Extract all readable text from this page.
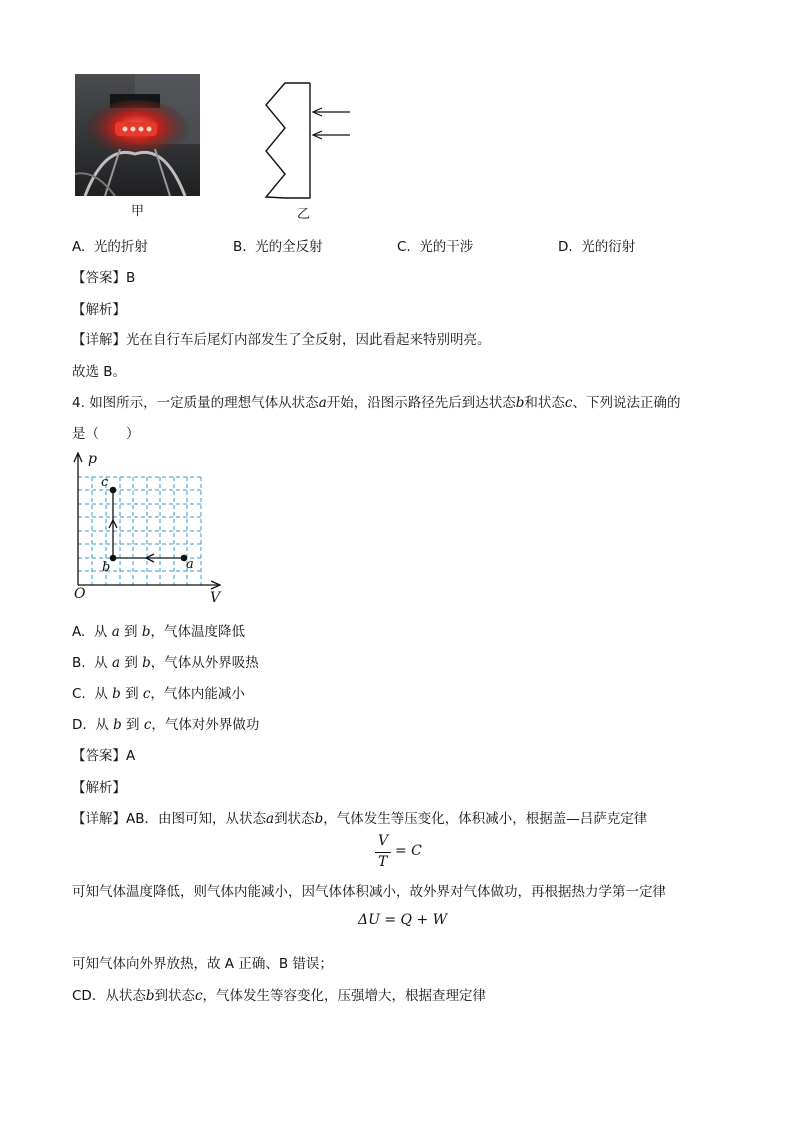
甲	乙
A. 光的折射	B. 光的全反射	C. 光的干涉	D. 光的衍射
【答案】B
【解析】
【详解】光在自行车后尾灯内部发生了全反射，因此看起来特别明亮。
故选 B。
4. 如图所示，一定质量的理想气体从状态a开始，沿图示路径先后到达状态b和状态c、下列说法正确的
是（　　）
p
V
O
a
b
c
A. 从 a 到 b，气体温度降低
B. 从 a 到 b，气体从外界吸热
C. 从 b 到 c，气体内能减小
D. 从 b 到 c，气体对外界做功
【答案】A
【解析】
【详解】AB．由图可知，从状态a到状态b，气体发生等压变化，体积减小，根据盖—吕萨克定律
V
T
= C
可知气体温度降低，则气体内能减小，因气体体积减小，故外界对气体做功，再根据热力学第一定律
ΔU = Q + W
可知气体向外界放热，故 A 正确、B 错误；
CD．从状态b到状态c，气体发生等容变化，压强增大，根据查理定律
